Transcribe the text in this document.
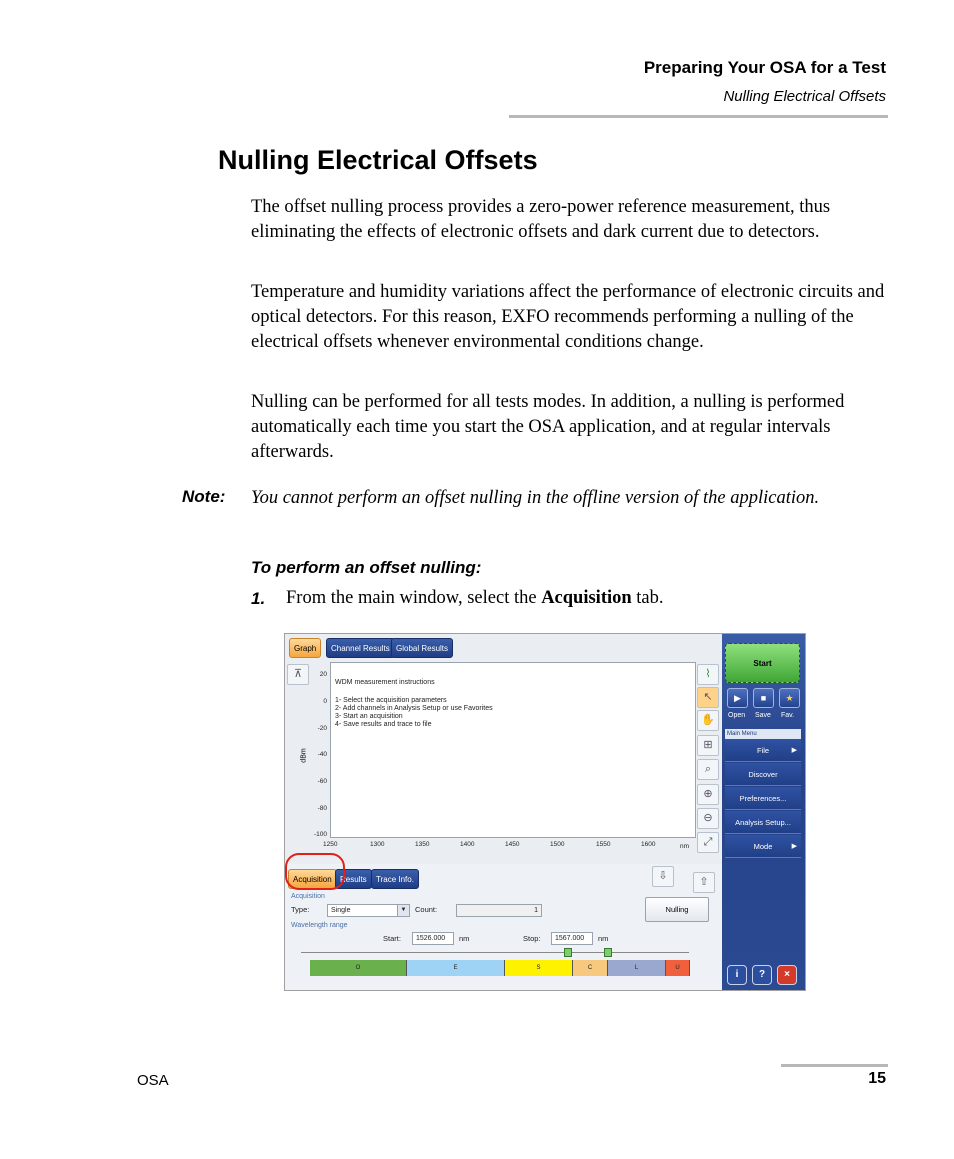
Preparing Your OSA for a Test
Nulling Electrical Offsets
Nulling Electrical Offsets

The offset nulling process provides a zero-power reference measurement, thus eliminating the effects of electronic offsets and dark current due to detectors.

Temperature and humidity variations affect the performance of electronic circuits and optical detectors. For this reason, EXFO recommends performing a nulling of the electrical offsets whenever environmental conditions change.

Nulling can be performed for all tests modes. In addition, a nulling is performed automatically each time you start the OSA application, and at regular intervals afterwards.

Note: You cannot perform an offset nulling in the offline version of the application.
To perform an offset nulling:
1. From the main window, select the Acquisition tab.
Graph	Channel Results Global Results
⊼
dBm
20
0
-20
-40
-60
-80
-100
WDM measurement instructions
1- Select the acquisition parameters
2- Add channels in Analysis Setup or use Favorites
3- Start an acquisition
4- Save results and trace to file
1250	1300	1350	1400	1450	1500	1550	1600	nm
⌇
↖
✋
⊞
⌕
⊕
⊖
⤢
Acquisition	Results	Trace Info.	⇩	⇧
Acquisition
Type:	Single	▼	Count:	1	Nulling
Wavelength range
Start:	1526.000	nm	Stop:	1567.000	nm
O	E	S	C	L	U
Start
▶	■	★
Open Save Fav.
Main Menu
File	▶
Discover
Preferences...
Analysis Setup...
Mode	▶
i	?	×
OSA	15
